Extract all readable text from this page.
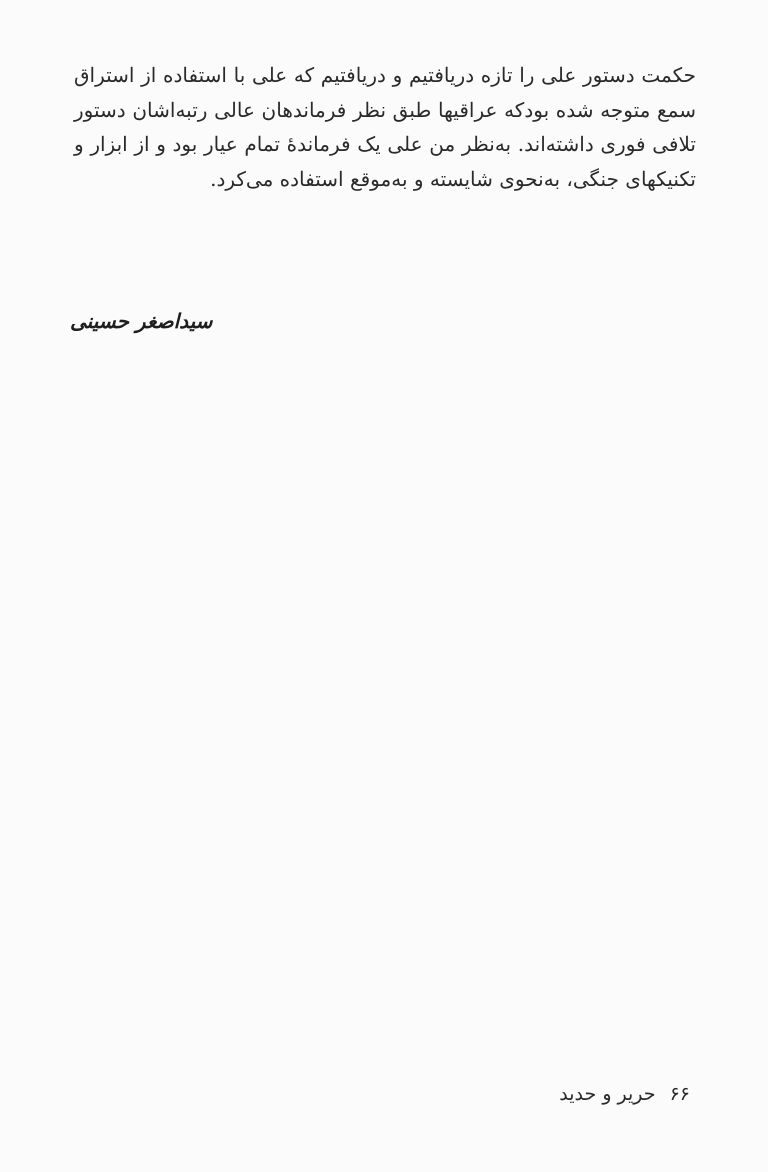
حکمت دستور علی را تازه دریافتیم و دریافتیم که علی با استفاده از استراق سمع متوجه شده بودکه عراقیها طبق نظر فرماندهان عالی رتبه‌اشان دستور تلافی فوری داشته‌اند. به‌نظر من علی یک فرماندۀ تمام عیار بود و از ابزار و تکنیکهای جنگی، به‌نحوی شایسته و به‌موقع استفاده می‌کرد.

سیداصغر حسینی
۶۶ حریر و حدید
